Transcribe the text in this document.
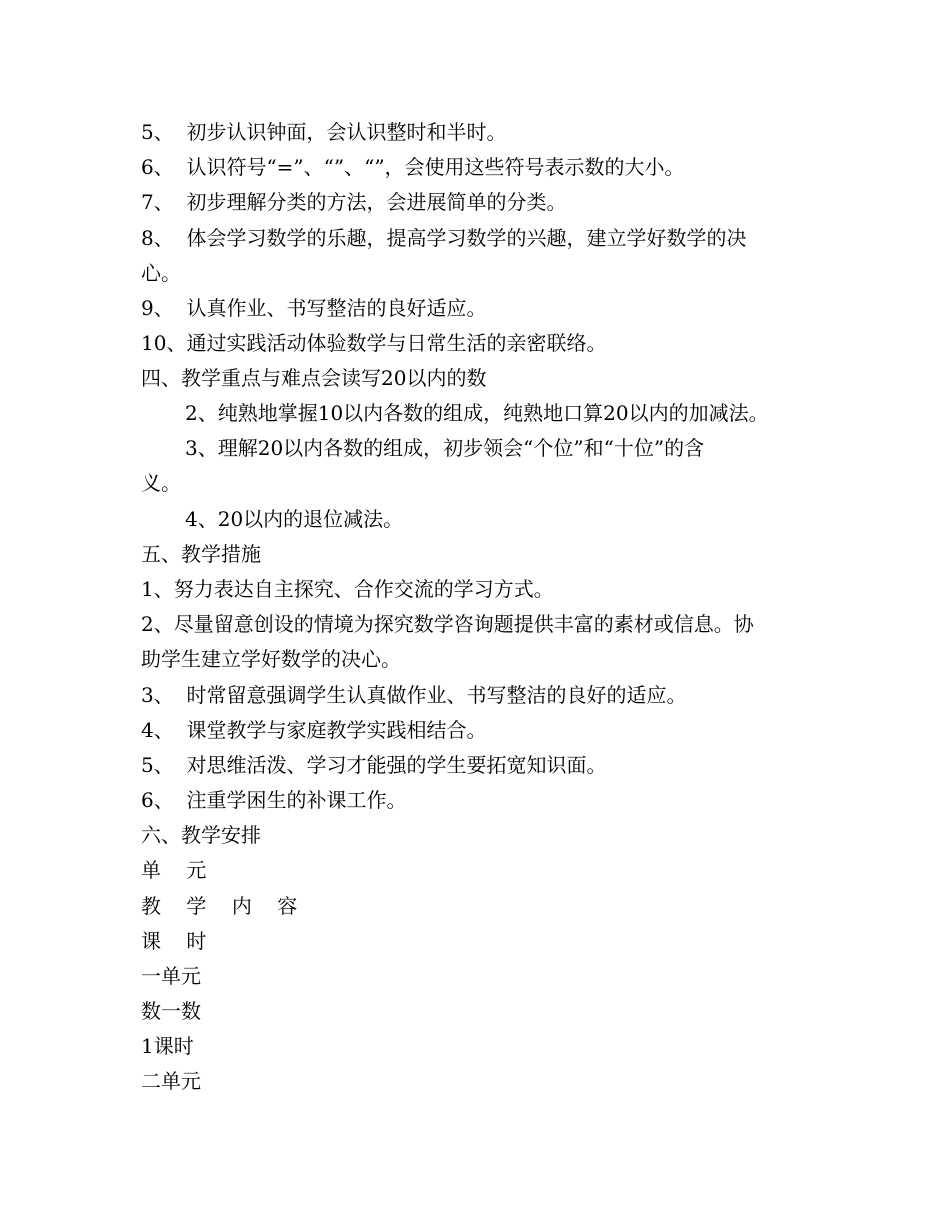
5、  初步认识钟面，会认识整时和半时。
6、  认识符号“=”、“”、“”，会使用这些符号表示数的大小。
7、  初步理解分类的方法，会进展简单的分类。
8、  体会学习数学的乐趣，提高学习数学的兴趣，建立学好数学的决
心。
9、  认真作业、书写整洁的良好适应。
10、通过实践活动体验数学与日常生活的亲密联络。
四、教学重点与难点会读写20以内的数
2、纯熟地掌握10以内各数的组成，纯熟地口算20以内的加减法。
3、理解20以内各数的组成，初步领会“个位”和“十位”的含
义。
4、20以内的退位减法。
五、教学措施
1、努力表达自主探究、合作交流的学习方式。
2、尽量留意创设的情境为探究数学咨询题提供丰富的素材或信息。协
助学生建立学好数学的决心。
3、  时常留意强调学生认真做作业、书写整洁的良好的适应。
4、  课堂教学与家庭教学实践相结合。
5、  对思维活泼、学习才能强的学生要拓宽知识面。
6、  注重学困生的补课工作。
六、教学安排
单    元
教    学    内    容
课    时
一单元
数一数
1课时
二单元
